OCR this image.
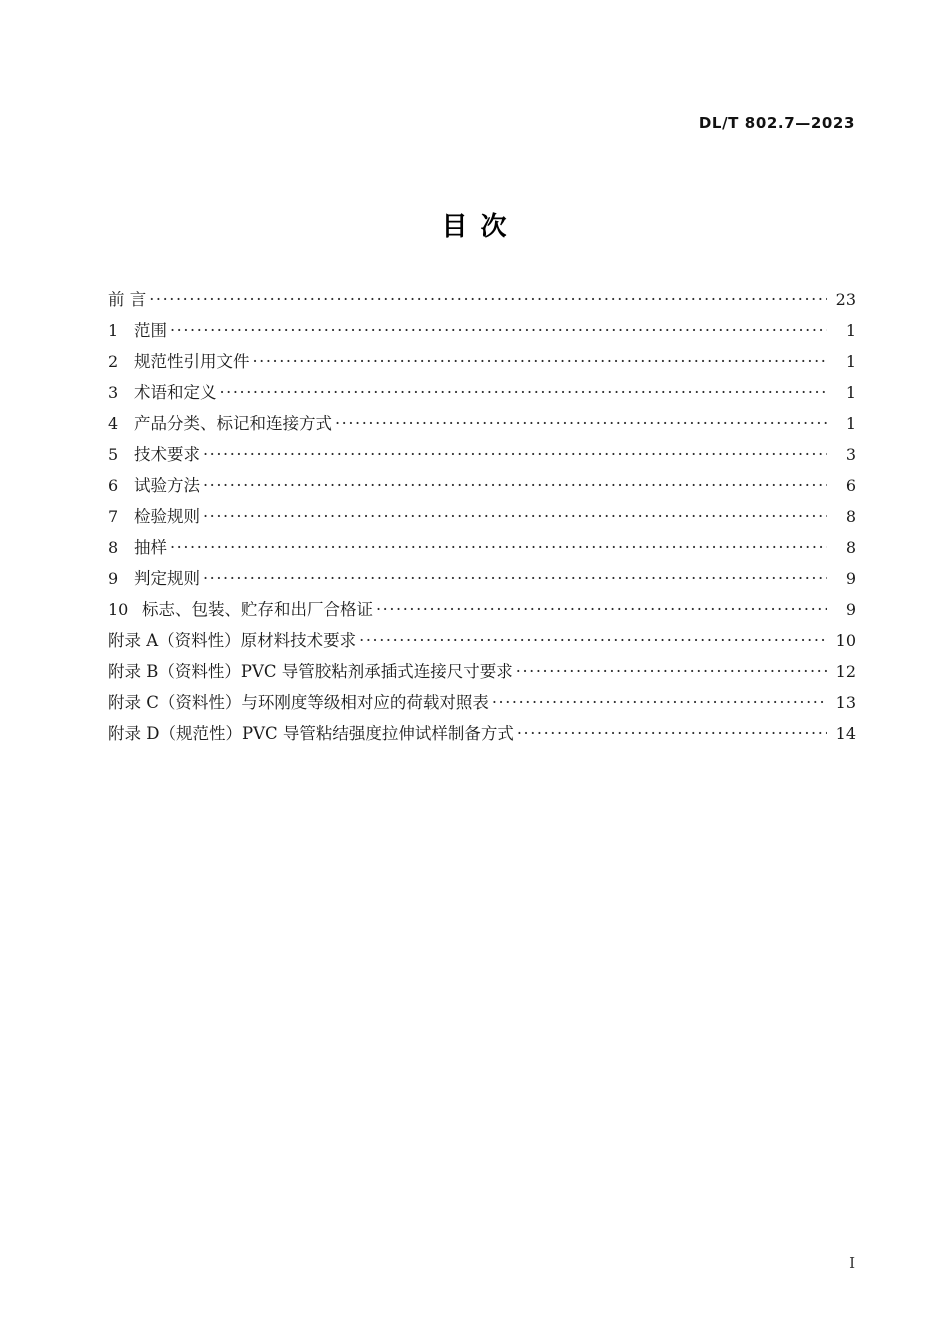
DL/T 802.7—2023
目 次
前 言 .....	23
1 范围 .....	1
2 规范性引用文件 .....	1
3 术语和定义 .....	1
4 产品分类、标记和连接方式 .....	1
5 技术要求 .....	3
6 试验方法 .....	6
7 检验规则 .....	8
8 抽样 .....	8
9 判定规则 .....	9
10 标志、包装、贮存和出厂合格证 .....	9
附录 A（资料性）原材料技术要求 .....	10
附录 B（资料性）PVC 导管胶粘剂承插式连接尺寸要求 .....	12
附录 C（资料性）与环刚度等级相对应的荷载对照表 .....	13
附录 D（规范性）PVC 导管粘结强度拉伸试样制备方式 .....	14
I
